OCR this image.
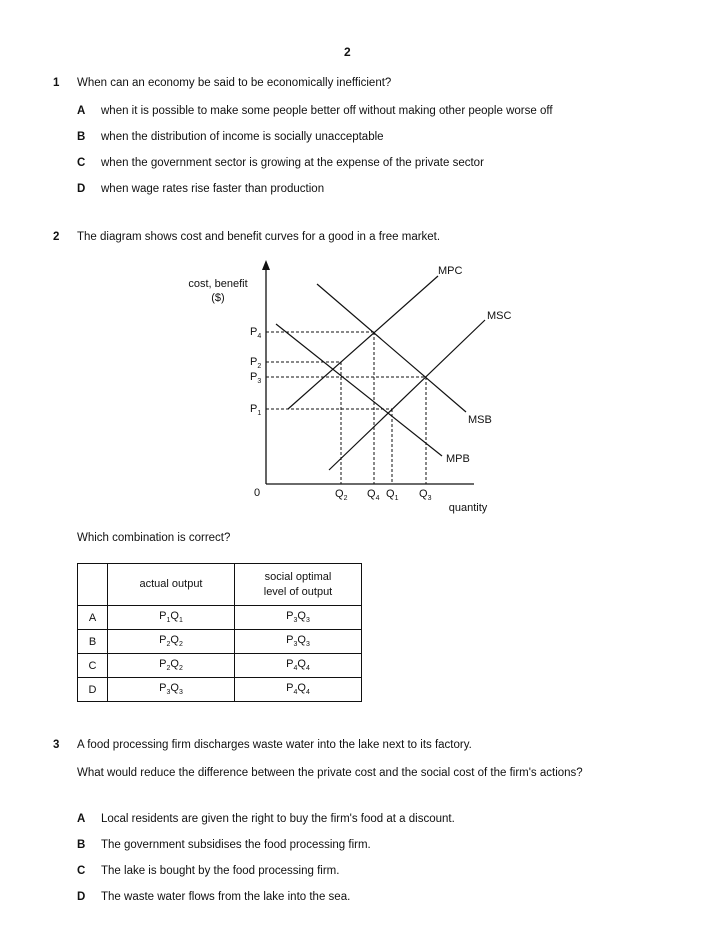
2
1 When can an economy be said to be economically inefficient?
A when it is possible to make some people better off without making other people worse off
B when the distribution of income is socially unacceptable
C when the government sector is growing at the expense of the private sector
D when wage rates rise faster than production
2 The diagram shows cost and benefit curves for a good in a free market.
cost, benefit
($)
quantity
0
MPC
MSC
MSB
MPB
$P_4$
$P_2$
$P_3$
$P_1$
$Q_2$ $Q_4$ $Q_1$ $Q_3$
Which combination is correct?
	actual output	social optimal
level of output
A	$P_1Q_1$	$P_3Q_3$
B	$P_2Q_2$	$P_3Q_3$
C	$P_2Q_2$	$P_4Q_4$
D	$P_3Q_3$	$P_4Q_4$
3 A food processing firm discharges waste water into the lake next to its factory.
What would reduce the difference between the private cost and the social cost of the firm's actions?
A Local residents are given the right to buy the firm's food at a discount.
B The government subsidises the food processing firm.
C The lake is bought by the food processing firm.
D The waste water flows from the lake into the sea.
